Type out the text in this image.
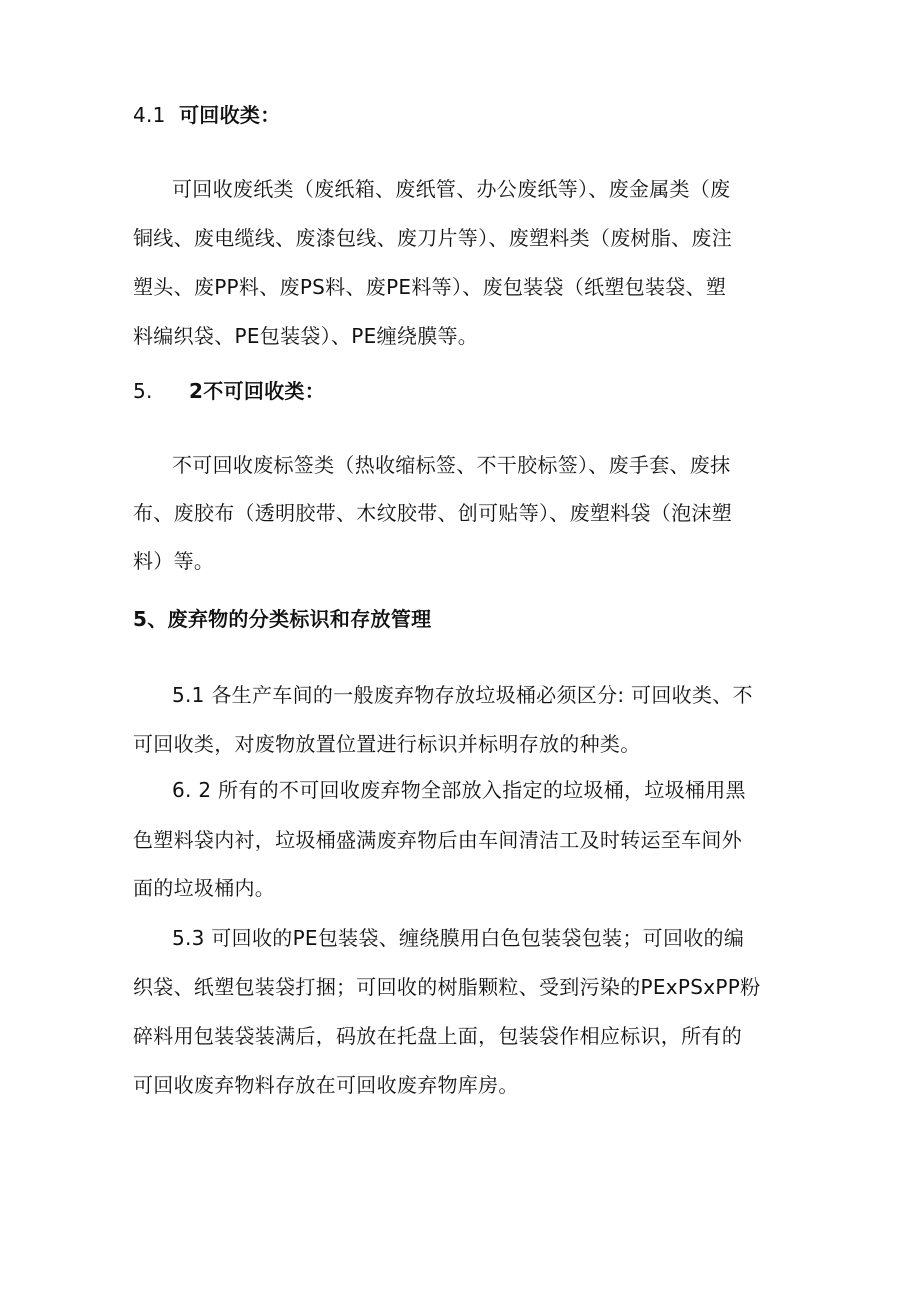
4.1 可回收类：
可回收废纸类（废纸箱、废纸管、办公废纸等）、废金属类（废
铜线、废电缆线、废漆包线、废刀片等）、废塑料类（废树脂、废注
塑头、废PP料、废PS料、废PE料等）、废包装袋（纸塑包装袋、塑
料编织袋、PE包装袋）、PE缠绕膜等。
5. 2不可回收类：
不可回收废标签类（热收缩标签、不干胶标签）、废手套、废抹
布、废胶布（透明胶带、木纹胶带、创可贴等）、废塑料袋（泡沫塑
料）等。
5、废弃物的分类标识和存放管理
5.1 各生产车间的一般废弃物存放垃圾桶必须区分: 可回收类、不
可回收类，对废物放置位置进行标识并标明存放的种类。
6. 2 所有的不可回收废弃物全部放入指定的垃圾桶，垃圾桶用黑
色塑料袋内衬，垃圾桶盛满废弃物后由车间清洁工及时转运至车间外
面的垃圾桶内。
5.3 可回收的PE包装袋、缠绕膜用白色包装袋包装；可回收的编
织袋、纸塑包装袋打捆；可回收的树脂颗粒、受到污染的PExPSxPP粉
碎料用包装袋装满后，码放在托盘上面，包装袋作相应标识，所有的
可回收废弃物料存放在可回收废弃物库房。
